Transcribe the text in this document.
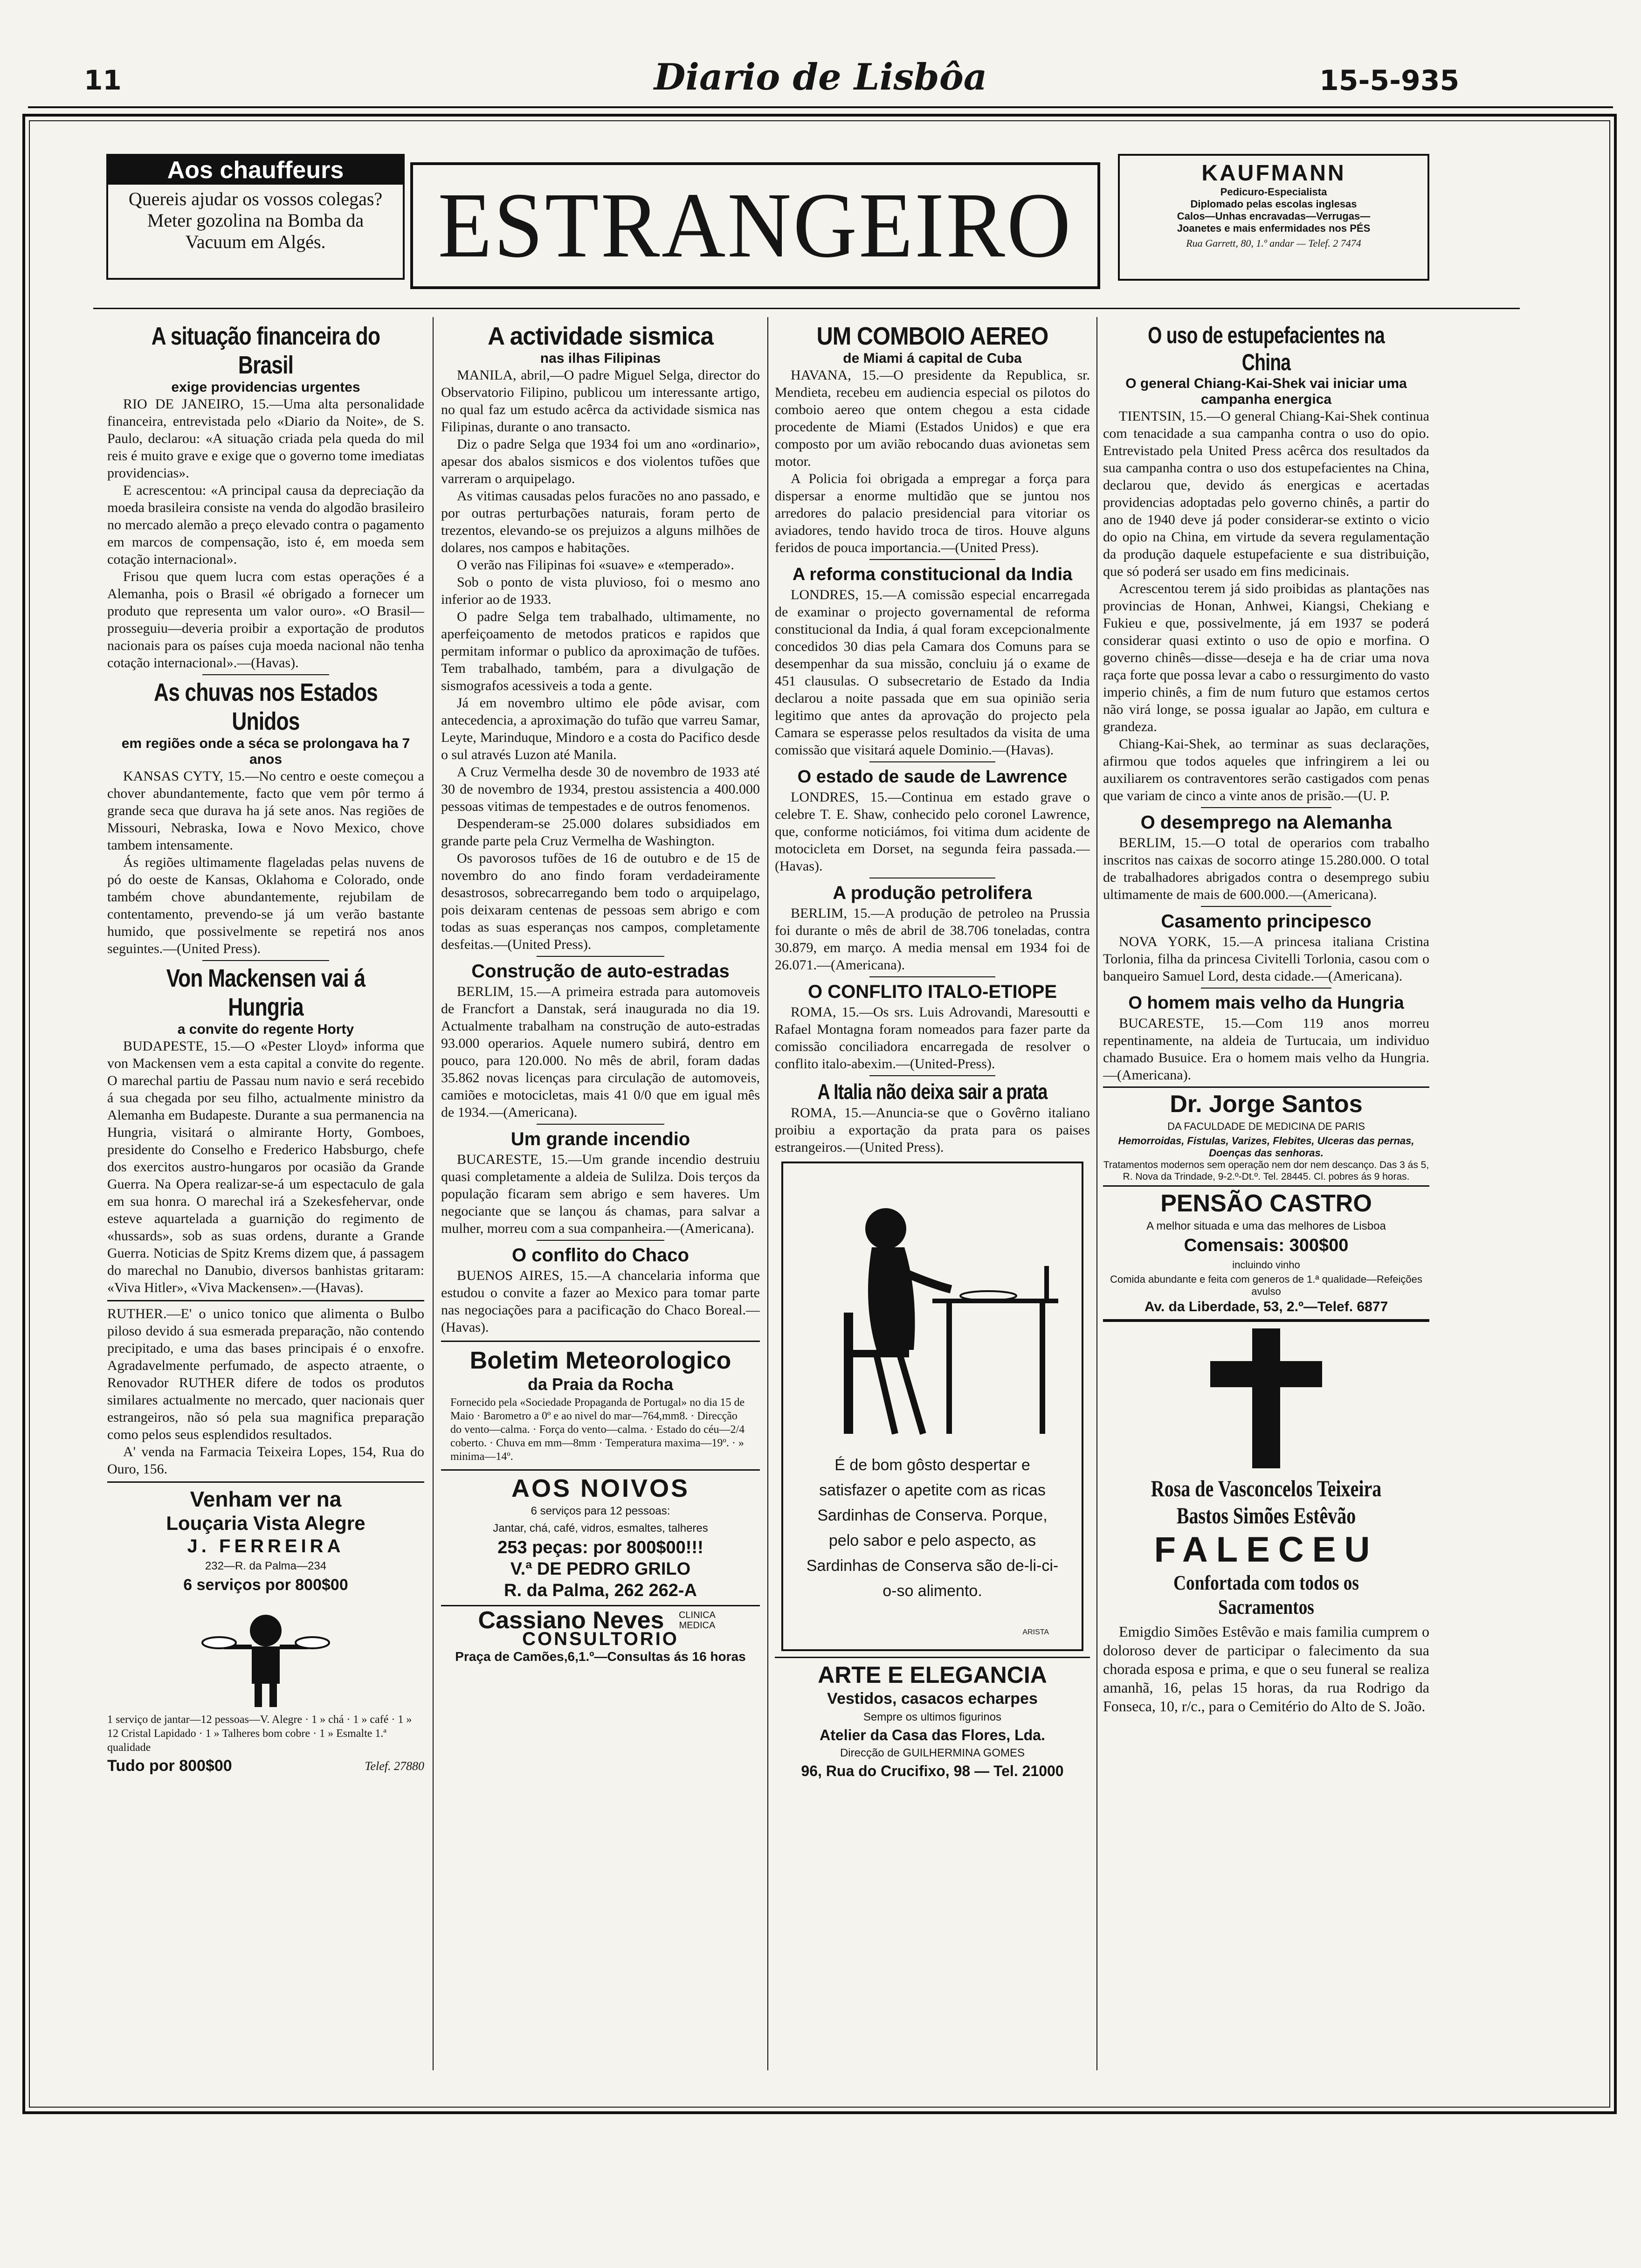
11	Diario de Lisbôa	15-5-935
Aos chauffeurs
Quereis ajudar os vossos colegas? Meter gozolina na Bomba da Vacuum em Algés.	ESTRANGEIRO
KAUFMANN
Pedicuro-Especialista
Diplomado pelas escolas inglesas
Calos—Unhas encravadas—Verrugas—
Joanetes e mais enfermidades nos PÉS
Rua Garrett, 80, 1.º andar — Telef. 2 7474
A situação financeira do Brasil
exige providencias urgentes

RIO DE JANEIRO, 15.—Uma alta personalidade financeira, entrevistada pelo «Diario da Noite», de S. Paulo, declarou: «A situação criada pela queda do mil reis é muito grave e exige que o governo tome imediatas providencias».

E acrescentou: «A principal causa da depreciação da moeda brasileira consiste na venda do algodão brasileiro no mercado alemão a preço elevado contra o pagamento em marcos de compensação, isto é, em moeda sem cotação internacional».

Frisou que quem lucra com estas operações é a Alemanha, pois o Brasil «é obrigado a fornecer um produto que representa um valor ouro». «O Brasil—prosseguiu—deveria proibir a exportação de produtos nacionais para os países cuja moeda nacional não tenha cotação internacional».—(Havas).

As chuvas nos Estados Unidos
em regiões onde a séca se prolongava ha 7 anos

KANSAS CYTY, 15.—No centro e oeste começou a chover abundantemente, facto que vem pôr termo á grande seca que durava ha já sete anos. Nas regiões de Missouri, Nebraska, Iowa e Novo Mexico, chove tambem intensamente.

Ás regiões ultimamente flageladas pelas nuvens de pó do oeste de Kansas, Oklahoma e Colorado, onde também chove abundantemente, rejubilam de contentamento, prevendo-se já um verão bastante humido, que possivelmente se repetirá nos anos seguintes.—(United Press).

Von Mackensen vai á Hungria
a convite do regente Horty

BUDAPESTE, 15.—O «Pester Lloyd» informa que von Mackensen vem a esta capital a convite do regente. O marechal partiu de Passau num navio e será recebido á sua chegada por seu filho, actualmente ministro da Alemanha em Budapeste. Durante a sua permanencia na Hungria, visitará o almirante Horty, Gomboes, presidente do Conselho e Frederico Habsburgo, chefe dos exercitos austro-hungaros por ocasião da Grande Guerra. Na Opera realizar-se-á um espectaculo de gala em sua honra. O marechal irá a Szekesfehervar, onde esteve aquartelada a guarnição do regimento de «hussards», sob as suas ordens, durante a Grande Guerra. Noticias de Spitz Krems dizem que, á passagem do marechal no Danubio, diversos banhistas gritaram: «Viva Hitler», «Viva Mackensen».—(Havas).

RUTHER.—E' o unico tonico que alimenta o Bulbo piloso devido á sua esmerada preparação, não contendo precipitado, e uma das bases principais é o enxofre. Agradavelmente perfumado, de aspecto atraente, o Renovador RUTHER difere de todos os produtos similares actualmente no mercado, quer nacionais quer estrangeiros, não só pela sua magnifica preparação como pelos seus esplendidos resultados.

A' venda na Farmacia Teixeira Lopes, 154, Rua do Ouro, 156.

Venham ver na
Louçaria Vista Alegre
J. FERREIRA
232—R. da Palma—234
6 serviços por 800$00
1 serviço de jantar—12 pessoas—V. Alegre · 1 » chá · 1 » café · 1 » 12 Cristal Lapidado · 1 » Talheres bom cobre · 1 » Esmalte 1.ª qualidade
Tudo por 800$00	Telef. 27880
A actividade sismica
nas ilhas Filipinas

MANILA, abril,—O padre Miguel Selga, director do Observatorio Filipino, publicou um interessante artigo, no qual faz um estudo acêrca da actividade sismica nas Filipinas, durante o ano transacto.

Diz o padre Selga que 1934 foi um ano «ordinario», apesar dos abalos sismicos e dos violentos tufões que varreram o arquipelago.

As vitimas causadas pelos furacões no ano passado, e por outras perturbações naturais, foram perto de trezentos, elevando-se os prejuizos a alguns milhões de dolares, nos campos e habitações.

O verão nas Filipinas foi «suave» e «temperado».

Sob o ponto de vista pluvioso, foi o mesmo ano inferior ao de 1933.

O padre Selga tem trabalhado, ultimamente, no aperfeiçoamento de metodos praticos e rapidos que permitam informar o publico da aproximação de tufões. Tem trabalhado, também, para a divulgação de sismografos acessiveis a toda a gente.

Já em novembro ultimo ele pôde avisar, com antecedencia, a aproximação do tufão que varreu Samar, Leyte, Marinduque, Mindoro e a costa do Pacifico desde o sul através Luzon até Manila.

A Cruz Vermelha desde 30 de novembro de 1933 até 30 de novembro de 1934, prestou assistencia a 400.000 pessoas vitimas de tempestades e de outros fenomenos.

Despenderam-se 25.000 dolares subsidiados em grande parte pela Cruz Vermelha de Washington.

Os pavorosos tufões de 16 de outubro e de 15 de novembro do ano findo foram verdadeiramente desastrosos, sobrecarregando bem todo o arquipelago, pois deixaram centenas de pessoas sem abrigo e com todas as suas esperanças nos campos, completamente desfeitas.—(United Press).

Construção de auto-estradas

BERLIM, 15.—A primeira estrada para automoveis de Francfort a Danstak, será inaugurada no dia 19. Actualmente trabalham na construção de auto-estradas 93.000 operarios. Aquele numero subirá, dentro em pouco, para 120.000. No mês de abril, foram dadas 35.862 novas licenças para circulação de automoveis, camiões e motocicletas, mais 41 0/0 que em igual mês de 1934.—(Americana).

Um grande incendio

BUCARESTE, 15.—Um grande incendio destruiu quasi completamente a aldeia de Sulilza. Dois terços da população ficaram sem abrigo e sem haveres. Um negociante que se lançou ás chamas, para salvar a mulher, morreu com a sua companheira.—(Americana).

O conflito do Chaco

BUENOS AIRES, 15.—A chancelaria informa que estudou o convite a fazer ao Mexico para tomar parte nas negociações para a pacificação do Chaco Boreal.—(Havas).

Boletim Meteorologico
da Praia da Rocha
Fornecido pela «Sociedade Propaganda de Portugal» no dia 15 de Maio · Barometro a 0º e ao nivel do mar—764,mm8. · Direcção do vento—calma. · Força do vento—calma. · Estado do céu—2/4 coberto. · Chuva em mm—8mm · Temperatura maxima—19º. · » minima—14º.
AOS NOIVOS
6 serviços para 12 pessoas:
Jantar, chá, café, vidros, esmaltes, talheres
253 peças: por 800$00!!!
V.ª DE PEDRO GRILO
R. da Palma, 262 262-A
Cassiano Neves	CLINICA MEDICA
CONSULTORIO
Praça de Camões,6,1.º—Consultas ás 16 horas
UM COMBOIO AEREO
de Miami á capital de Cuba

HAVANA, 15.—O presidente da Republica, sr. Mendieta, recebeu em audiencia especial os pilotos do comboio aereo que ontem chegou a esta cidade procedente de Miami (Estados Unidos) e que era composto por um avião rebocando duas avionetas sem motor.

A Policia foi obrigada a empregar a força para dispersar a enorme multidão que se juntou nos arredores do palacio presidencial para vitoriar os aviadores, tendo havido troca de tiros. Houve alguns feridos de pouca importancia.—(United Press).

A reforma constitucional da India

LONDRES, 15.—A comissão especial encarregada de examinar o projecto governamental de reforma constitucional da India, á qual foram excepcionalmente concedidos 30 dias pela Camara dos Comuns para se desempenhar da sua missão, concluiu já o exame de 451 clausulas. O subsecretario de Estado da India declarou a noite passada que em sua opinião seria legitimo que antes da aprovação do projecto pela Camara se esperasse pelos resultados da visita de uma comissão que visitará aquele Dominio.—(Havas).

O estado de saude de Lawrence

LONDRES, 15.—Continua em estado grave o celebre T. E. Shaw, conhecido pelo coronel Lawrence, que, conforme noticiámos, foi vitima dum acidente de motocicleta em Dorset, na segunda feira passada.—(Havas).

A produção petrolifera

BERLIM, 15.—A produção de petroleo na Prussia foi durante o mês de abril de 38.706 toneladas, contra 30.879, em março. A media mensal em 1934 foi de 26.071.—(Americana).

O CONFLITO ITALO-ETIOPE

ROMA, 15.—Os srs. Luis Adrovandi, Maresoutti e Rafael Montagna foram nomeados para fazer parte da comissão conciliadora encarregada de resolver o conflito italo-abexim.—(United-Press).

A Italia não deixa sair a prata

ROMA, 15.—Anuncia-se que o Govêrno italiano proibiu a exportação da prata para os paises estrangeiros.—(United Press).

É de bom gôsto despertar e satisfazer o apetite com as ricas Sardinhas de Conserva. Porque, pelo sabor e pelo aspecto, as Sardinhas de Conserva são de-li-ci-o-so alimento.
ARISTA
ARTE E ELEGANCIA
Vestidos, casacos echarpes
Sempre os ultimos figurinos
Atelier da Casa das Flores, Lda.
Direcção de GUILHERMINA GOMES
96, Rua do Crucifixo, 98 — Tel. 21000
O uso de estupefacientes na China
O general Chiang-Kai-Shek vai iniciar uma campanha energica

TIENTSIN, 15.—O general Chiang-Kai-Shek continua com tenacidade a sua campanha contra o uso do opio. Entrevistado pela United Press acêrca dos resultados da sua campanha contra o uso dos estupefacientes na China, declarou que, devido ás energicas e acertadas providencias adoptadas pelo governo chinês, a partir do ano de 1940 deve já poder considerar-se extinto o vicio do opio na China, em virtude da severa regulamentação da produção daquele estupefaciente e sua distribuição, que só poderá ser usado em fins medicinais.

Acrescentou terem já sido proibidas as plantações nas provincias de Honan, Anhwei, Kiangsi, Chekiang e Fukieu e que, possivelmente, já em 1937 se poderá considerar quasi extinto o uso de opio e morfina. O governo chinês—disse—deseja e ha de criar uma nova raça forte que possa levar a cabo o ressurgimento do vasto imperio chinês, a fim de num futuro que estamos certos não virá longe, se possa igualar ao Japão, em cultura e grandeza.

Chiang-Kai-Shek, ao terminar as suas declarações, afirmou que todos aqueles que infringirem a lei ou auxiliarem os contraventores serão castigados com penas que variam de cinco a vinte anos de prisão.—(U. P.

O desemprego na Alemanha

BERLIM, 15.—O total de operarios com trabalho inscritos nas caixas de socorro atinge 15.280.000. O total de trabalhadores abrigados contra o desemprego subiu ultimamente de mais de 600.000.—(Americana).

Casamento principesco

NOVA YORK, 15.—A princesa italiana Cristina Torlonia, filha da princesa Civitelli Torlonia, casou com o banqueiro Samuel Lord, desta cidade.—(Americana).

O homem mais velho da Hungria

BUCARESTE, 15.—Com 119 anos morreu repentinamente, na aldeia de Turtucaia, um individuo chamado Busuice. Era o homem mais velho da Hungria.—(Americana).

Dr. Jorge Santos
DA FACULDADE DE MEDICINA DE PARIS
Hemorroidas, Fistulas, Varizes, Flebites, Ulceras das pernas, Doenças das senhoras.
Tratamentos modernos sem operação nem dor nem descanço. Das 3 ás 5, R. Nova da Trindade, 9-2.º-Dt.º. Tel. 28445. Cl. pobres ás 9 horas.
PENSÃO CASTRO
A melhor situada e uma das melhores de Lisboa
Comensais: 300$00
incluindo vinho
Comida abundante e feita com generos de 1.ª qualidade—Refeições avulso
Av. da Liberdade, 53, 2.º—Telef. 6877
Rosa de Vasconcelos Teixeira
Bastos Simões Estêvão
FALECEU
Confortada com todos os Sacramentos
Emigdio Simões Estêvão e mais familia cumprem o doloroso dever de participar o falecimento da sua chorada esposa e prima, e que o seu funeral se realiza amanhã, 16, pelas 15 horas, da rua Rodrigo da Fonseca, 10, r/c., para o Cemitério do Alto de S. João.
